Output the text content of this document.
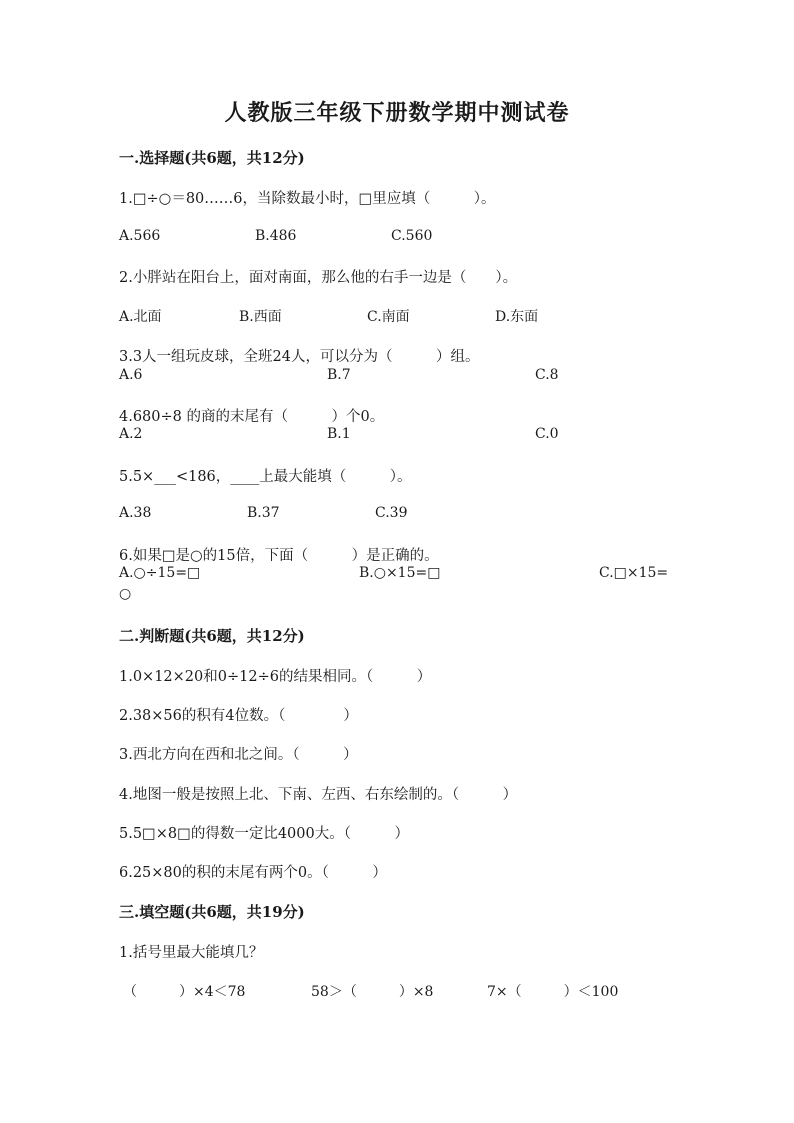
人教版三年级下册数学期中测试卷
一.选择题(共6题，共12分)
1.□÷○＝80……6，当除数最小时，□里应填（　　　）。
A.566	B.486	C.560
2.小胖站在阳台上，面对南面，那么他的右手一边是（　　）。
A.北面	B.西面	C.南面	D.东面
3.3人一组玩皮球，全班24人，可以分为（　　　）组。
A.6	B.7	C.8
4.680÷8 的商的末尾有（　　　）个0。
A.2	B.1	C.0
5.5×___<186，____上最大能填（　　　）。
A.38	B.37	C.39
6.如果□是○的15倍，下面（　　　）是正确的。
A.○÷15=□	B.○×15=□	C.□×15=
○
二.判断题(共6题，共12分)
1.0×12×20和0÷12÷6的结果相同。（　　　）
2.38×56的积有4位数。（　　　　）
3.西北方向在西和北之间。（　　　）
4.地图一般是按照上北、下南、左西、右东绘制的。（　　　）
5.5□×8□的得数一定比4000大。（　　　）
6.25×80的积的末尾有两个0。（　　　）
三.填空题(共6题，共19分)
1.括号里最大能填几？
（　　　）×4＜78	58＞（　　　）×8	7×（　　　）＜100
